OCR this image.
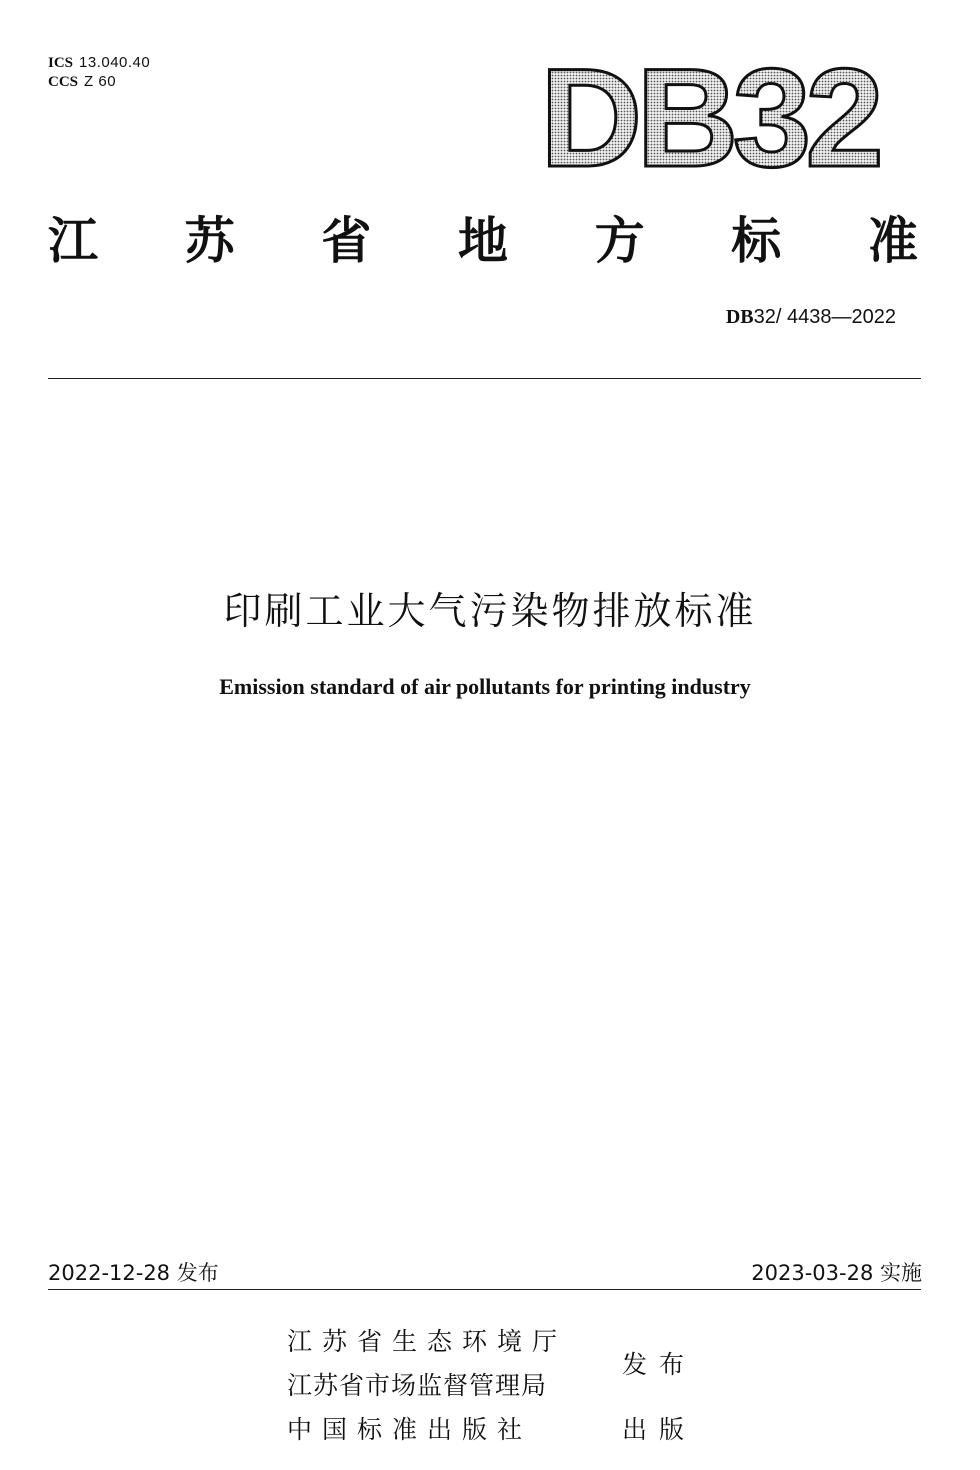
ICS 13.040.40
CCS Z 60	DB32
江 苏 省 地 方 标 准
DB32/ 4438—2022
印刷工业大气污染物排放标准
Emission standard of air pollutants for printing industry
2022-12-28 发布	2023-03-28 实施
江苏省生态环境厅
江苏省市场监督管理局
中国标准出版社
发布
出版
